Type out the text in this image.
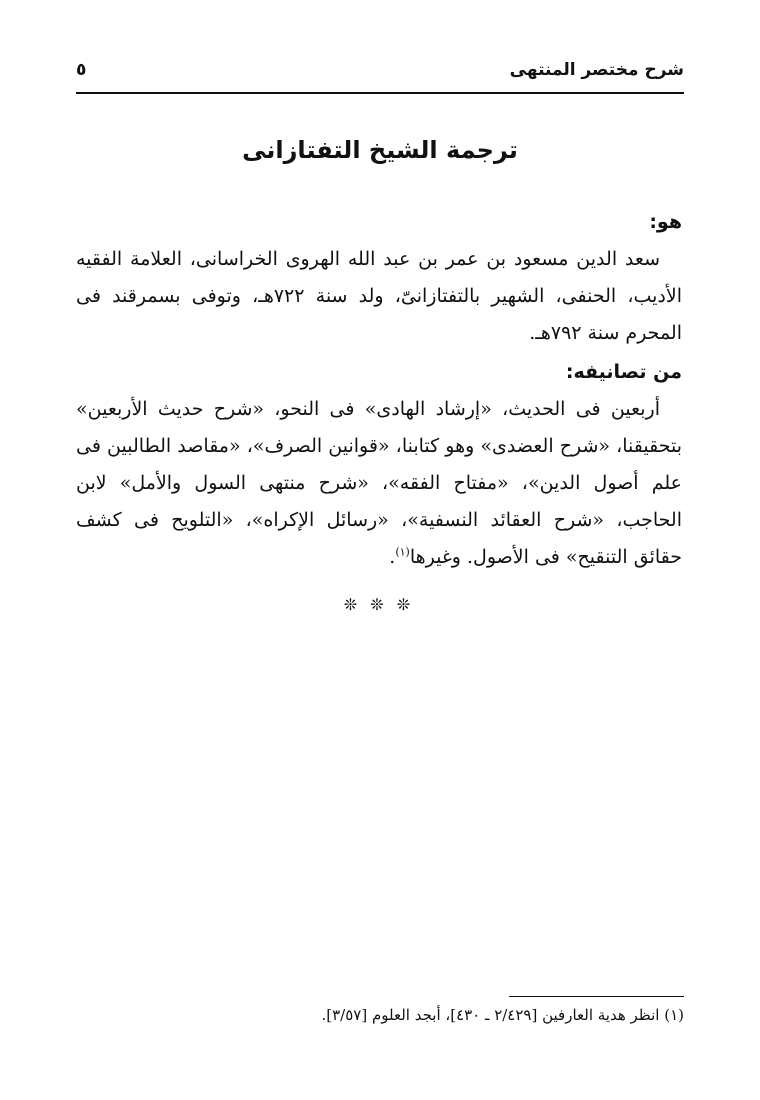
شرح مختصر المنتهى
٥
ترجمة الشيخ التفتازانى

هو:

سعد الدين مسعود بن عمر بن عبد الله الهروى الخراسانى، العلامة الفقيه الأديب، الحنفى، الشهير بالتفتازانىّ، ولد سنة ٧٢٢هـ، وتوفى بسمرقند فى المحرم سنة ٧٩٢هـ.

من تصانيفه:

أربعين فى الحديث، «إرشاد الهادى» فى النحو، «شرح حديث الأربعين» بتحقيقنا، «شرح العضدى» وهو كتابنا، «قوانين الصرف»، «مقاصد الطالبين فى علم أصول الدين»، «مفتاح الفقه»، «شرح منتهى السول والأمل» لابن الحاجب، «شرح العقائد النسفية»، «رسائل الإكراه»، «التلويح فى كشف حقائق التنقيح» فى الأصول. وغيرها$^{(١)}$.

❊ ❊ ❊
(١) انظر هدية العارفين [٢/٤٢٩ ـ ٤٣٠]، أبجد العلوم [٣/٥٧].
